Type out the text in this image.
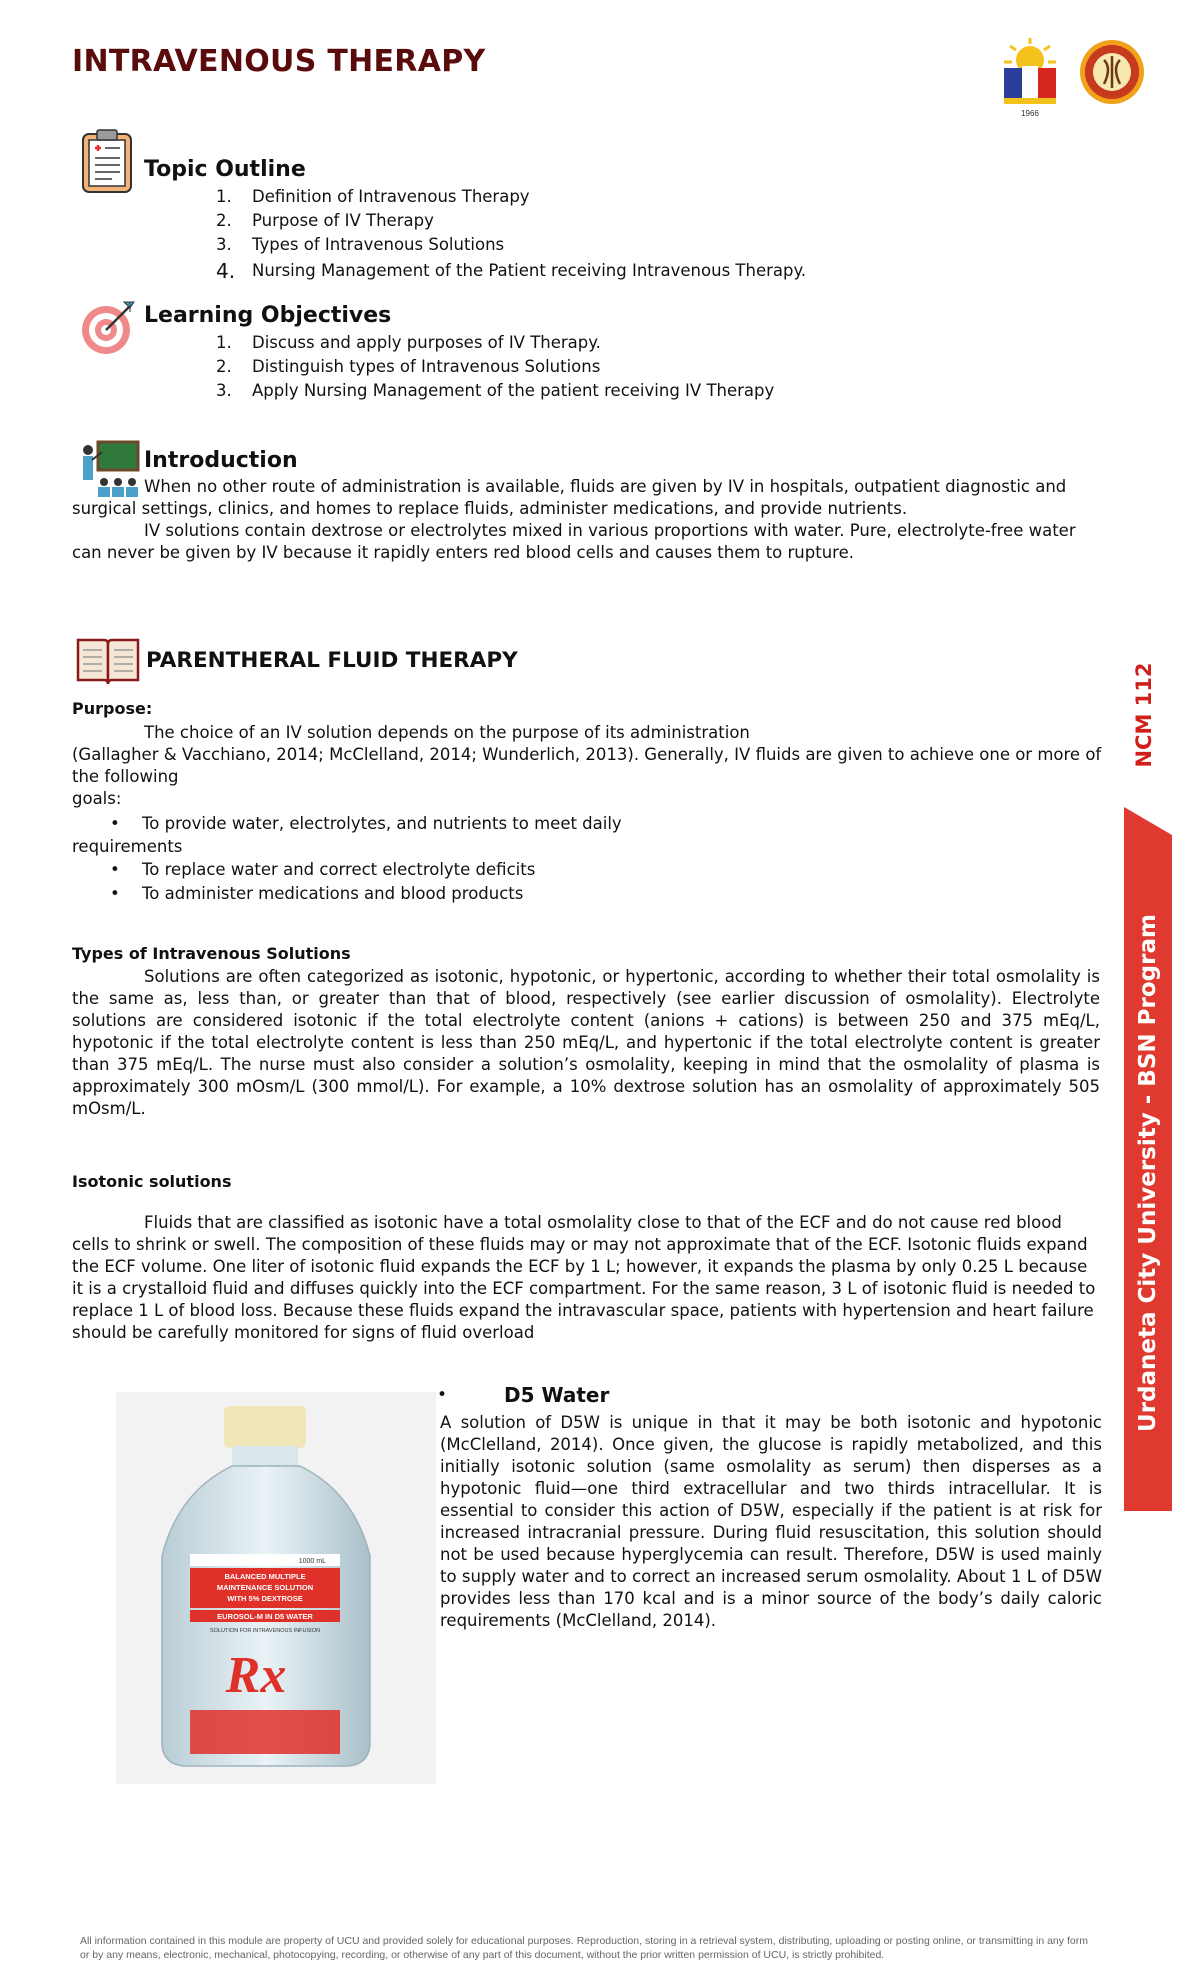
INTRAVENOUS THERAPY
1966
NCM 112
Urdaneta City University - BSN Program
Topic Outline
1.	Definition of Intravenous Therapy
2.	Purpose of IV Therapy
3.	Types of Intravenous Solutions
4.	Nursing Management of the Patient receiving Intravenous Therapy.
Learning Objectives
1.	Discuss and apply purposes of IV Therapy.
2.	Distinguish types of Intravenous Solutions
3.	Apply Nursing Management of the patient receiving IV Therapy
Introduction

When no other route of administration is available, fluids are given by IV in hospitals, outpatient diagnostic and surgical settings, clinics, and homes to replace fluids, administer medications, and provide nutrients.

IV solutions contain dextrose or electrolytes mixed in various proportions with water. Pure, electrolyte-free water can never be given by IV because it rapidly enters red blood cells and causes them to rupture.

PARENTHERAL FLUID THERAPY
Purpose:
The choice of an IV solution depends on the purpose of its administration
(Gallagher & Vacchiano, 2014; McClelland, 2014; Wunderlich, 2013). Generally, IV fluids are given to achieve one or more of the following
goals:
• To provide water, electrolytes, and nutrients to meet daily
requirements
• To replace water and correct electrolyte deficits
• To administer medications and blood products
Types of Intravenous Solutions
Solutions are often categorized as isotonic, hypotonic, or hypertonic, according to whether their total osmolality is the same as, less than, or greater than that of blood, respectively (see earlier discussion of osmolality). Electrolyte solutions are considered isotonic if the total electrolyte content (anions + cations) is between 250 and 375 mEq/L, hypotonic if the total electrolyte content is less than 250 mEq/L, and hypertonic if the total electrolyte content is greater than 375 mEq/L. The nurse must also consider a solution’s osmolality, keeping in mind that the osmolality of plasma is approximately 300 mOsm/L (300 mmol/L). For example, a 10% dextrose solution has an osmolality of approximately 505 mOsm/L.
Isotonic solutions
Fluids that are classified as isotonic have a total osmolality close to that of the ECF and do not cause red blood cells to shrink or swell. The composition of these fluids may or may not approximate that of the ECF. Isotonic fluids expand the ECF volume. One liter of isotonic fluid expands the ECF by 1 L; however, it expands the plasma by only 0.25 L because it is a crystalloid fluid and diffuses quickly into the ECF compartment. For the same reason, 3 L of isotonic fluid is needed to replace 1 L of blood loss. Because these fluids expand the intravascular space, patients with hypertension and heart failure should be carefully monitored for signs of fluid overload
1000 mL
BALANCED MULTIPLE
MAINTENANCE SOLUTION
WITH 5% DEXTROSE
EUROSOL-M IN D5 WATER
SOLUTION FOR INTRAVENOUS INFUSION
Rx
•	D5 Water
A solution of D5W is unique in that it may be both isotonic and hypotonic (McClelland, 2014). Once given, the glucose is rapidly metabolized, and this initially isotonic solution (same osmolality as serum) then disperses as a hypotonic fluid—one third extracellular and two thirds intracellular. It is essential to consider this action of D5W, especially if the patient is at risk for increased intracranial pressure. During fluid resuscitation, this solution should not be used because hyperglycemia can result. Therefore, D5W is used mainly to supply water and to correct an increased serum osmolality. About 1 L of D5W provides less than 170 kcal and is a minor source of the body’s daily caloric requirements (McClelland, 2014).
All information contained in this module are property of UCU and provided solely for educational purposes. Reproduction, storing in a retrieval system, distributing, uploading or posting online, or transmitting in any form or by any means, electronic, mechanical, photocopying, recording, or otherwise of any part of this document, without the prior written permission of UCU, is strictly prohibited.
